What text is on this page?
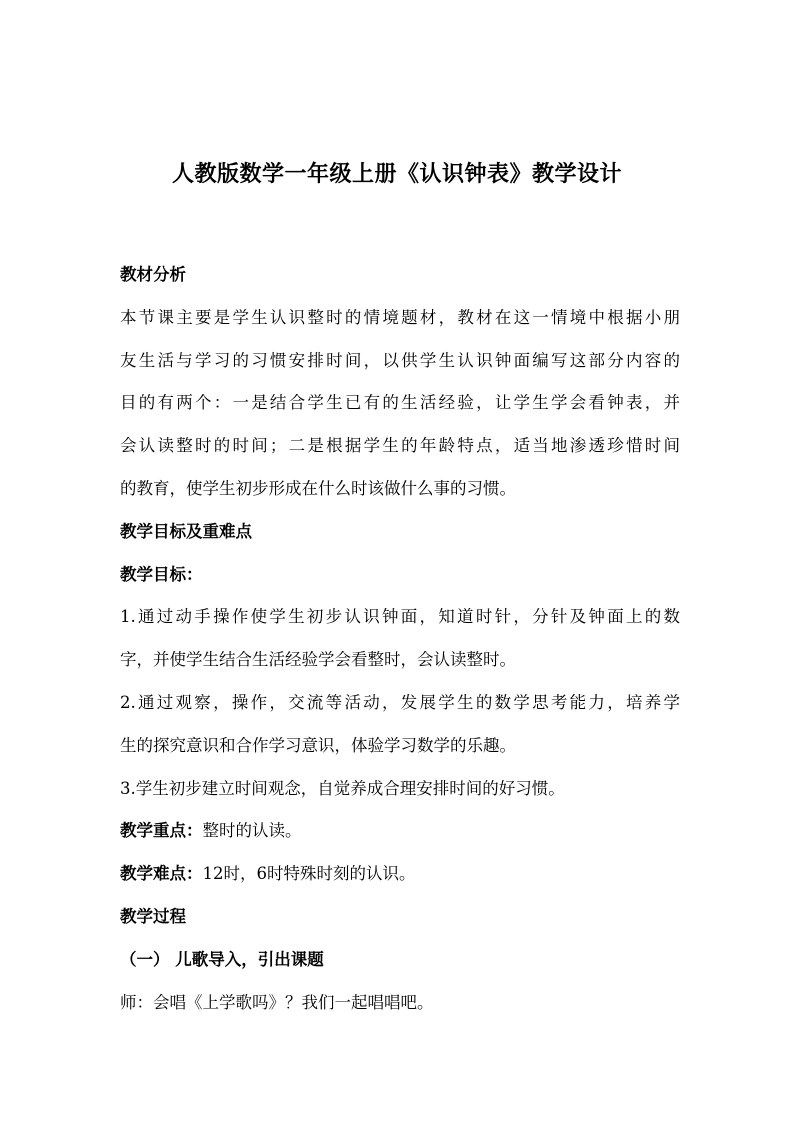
人教版数学一年级上册《认识钟表》教学设计
教材分析
本节课主要是学生认识整时的情境题材，教材在这一情境中根据小朋
友生活与学习的习惯安排时间，以供学生认识钟面编写这部分内容的
目的有两个：一是结合学生已有的生活经验，让学生学会看钟表，并
会认读整时的时间；二是根据学生的年龄特点，适当地渗透珍惜时间
的教育，使学生初步形成在什么时该做什么事的习惯。
教学目标及重难点
教学目标：
1.通过动手操作使学生初步认识钟面，知道时针，分针及钟面上的数
字，并使学生结合生活经验学会看整时，会认读整时。
2.通过观察，操作，交流等活动，发展学生的数学思考能力，培养学
生的探究意识和合作学习意识，体验学习数学的乐趣。
3.学生初步建立时间观念，自觉养成合理安排时间的好习惯。
教学重点：整时的认读。
教学难点：12时，6时特殊时刻的认识。
教学过程
（一） 儿歌导入，引出课题
师：会唱《上学歌吗》？我们一起唱唱吧。
